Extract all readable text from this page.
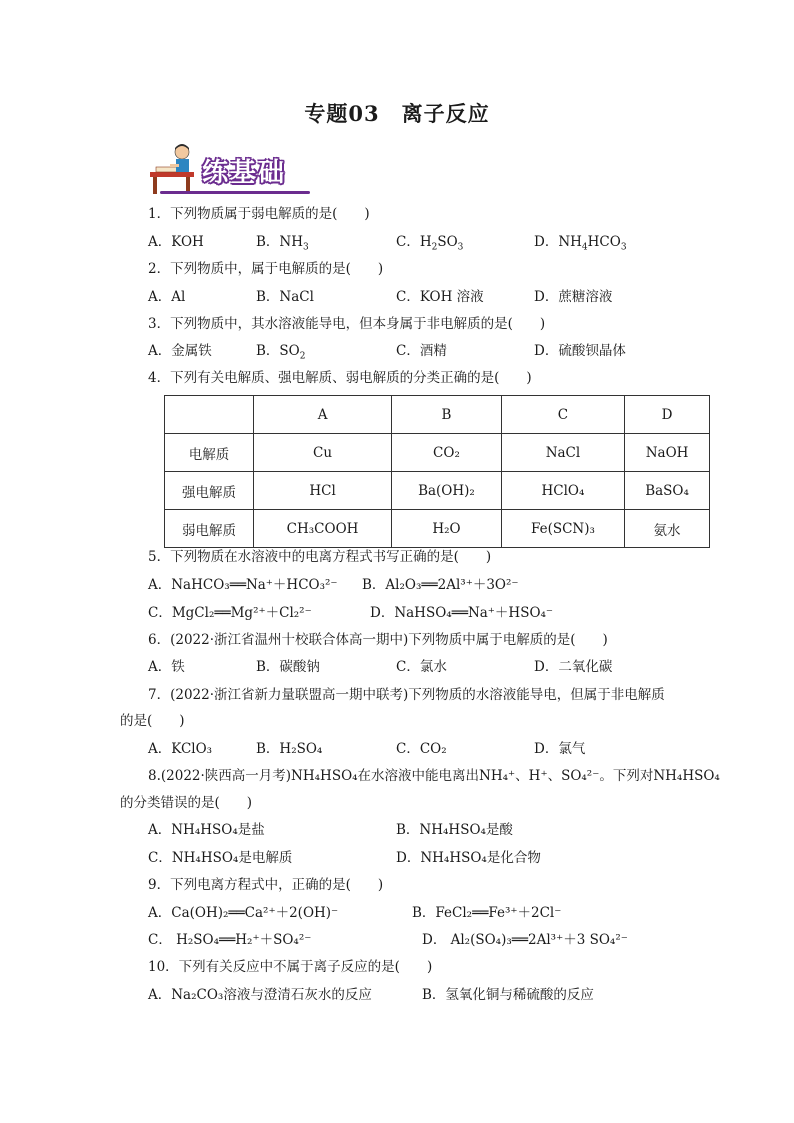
专题03　离子反应
练基础
1．下列物质属于弱电解质的是(　　)
A．KOH	B．$NH_3$	C．$H_2SO_3$	D．$NH_4HCO_3$
2．下列物质中，属于电解质的是(　　)
A．Al	B．NaCl	C．KOH 溶液	D．蔗糖溶液
3．下列物质中，其水溶液能导电，但本身属于非电解质的是(　　)
A．金属铁	B．$SO_2$	C．酒精	D．硫酸钡晶体
4．下列有关电解质、强电解质、弱电解质的分类正确的是(　　)
	A	B	C	D
电解质	Cu	CO₂	NaCl	NaOH
强电解质	HCl	Ba(OH)₂	HClO₄	BaSO₄
弱电解质	CH₃COOH	H₂O	Fe(SCN)₃	氨水
5．下列物质在水溶液中的电离方程式书写正确的是(　　)
A．NaHCO₃══Na⁺＋HCO₃²⁻ B．Al₂O₃══2Al³⁺＋3O²⁻
C．MgCl₂══Mg²⁺＋Cl₂²⁻	D．NaHSO₄══Na⁺＋HSO₄⁻
6．(2022·浙江省温州十校联合体高一期中)下列物质中属于电解质的是(　　)
A．铁	B．碳酸钠	C．氯水	D．二氧化碳
7．(2022·浙江省新力量联盟高一期中联考)下列物质的水溶液能导电，但属于非电解质
的是(　　)
A．KClO₃	B．H₂SO₄	C．CO₂	D．氯气
8.(2022·陕西高一月考)NH₄HSO₄在水溶液中能电离出NH₄⁺、H⁺、SO₄²⁻。下列对NH₄HSO₄
的分类错误的是(　　)
A．NH₄HSO₄是盐	B．NH₄HSO₄是酸
C．NH₄HSO₄是电解质	D．NH₄HSO₄是化合物
9．下列电离方程式中，正确的是(　　)
A．Ca(OH)₂══Ca²⁺＋2(OH)⁻	B．FeCl₂══Fe³⁺＋2Cl⁻
C． H₂SO₄══H₂⁺＋SO₄²⁻	D． Al₂(SO₄)₃══2Al³⁺＋3 SO₄²⁻
10．下列有关反应中不属于离子反应的是(　　)
A．Na₂CO₃溶液与澄清石灰水的反应	B．氢氧化铜与稀硫酸的反应
